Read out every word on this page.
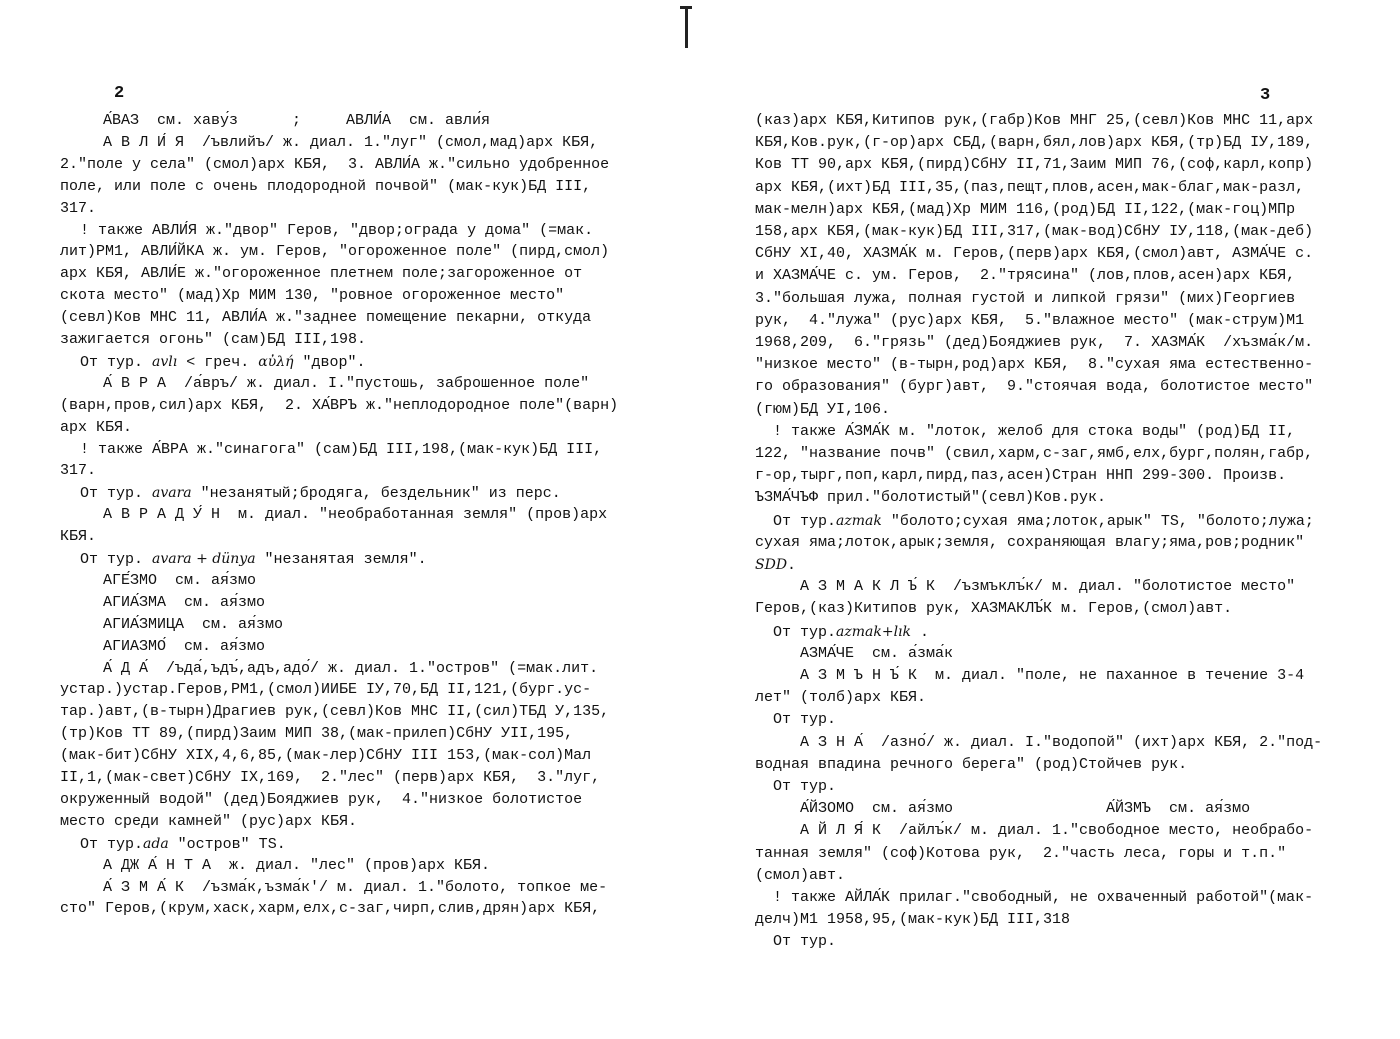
2
А́ВАЗ  см. хаву́з      ;     АВЛИ́А  см. авли́я
А В Л И́ Я  /ъвлийъ/ ж. диал. 1."луг" (смол,мад)арх КБЯ,
2."поле у села" (смол)арх КБЯ,  3. АВЛИ́А ж."сильно удобренное
поле, или поле с очень плодородной почвой" (мак-кук)БД III,
317.
! также АВЛИ́Я ж."двор" Геров, "двор;ограда у дома" (=мак.
лит)РМ1, АВЛИ́ЙКА ж. ум. Геров, "огороженное поле" (пирд,смол)
арх КБЯ, АВЛИ́Е ж."огороженное плетнем поле;загороженное от
скота место" (мад)Хр МИМ 130, "ровное огороженное место"
(севл)Ков МНС 11, АВЛИ́А ж."заднее помещение пекарни, откуда
зажигается огонь" (сам)БД III,198.
От тур. avlı < греч. αὐλή "двор".
А́ В Р А  /а́връ/ ж. диал. I."пустошь, заброшенное поле"
(варн,пров,сил)арх КБЯ,  2. ХА́ВРЪ ж."неплодородное поле"(варн)
арх КБЯ.
! также А́ВРА ж."синагога" (сам)БД III,198,(мак-кук)БД III,
317.
От тур. avara "незанятый;бродяга, бездельник" из перс.
А В Р А Д У́ Н  м. диал. "необработанная земля" (пров)арх
КБЯ.
От тур. avara + dünya "незанятая земля".
АГЕ́ЗМО  см. ая́змо
АГИА́ЗМА  см. ая́змо
АГИА́ЗМИЦА  см. ая́змо
АГИАЗМО́  см. ая́змо
А́ Д А́  /ъда́,ъдъ́,адъ,адо́/ ж. диал. 1."остров" (=мак.лит.
устар.)устар.Геров,РМ1,(смол)ИИБЕ IУ,70,БД II,121,(бург.ус-
тар.)авт,(в-тырн)Драгиев рук,(севл)Ков МНС II,(сил)ТБД У,135,
(тр)Ков ТТ 89,(пирд)Заим МИП 38,(мак-прилеп)СбНУ УII,195,
(мак-бит)СбНУ XIX,4,6,85,(мак-лер)СбНУ III 153,(мак-сол)Мал
II,1,(мак-свет)СбНУ IX,169,  2."лес" (перв)арх КБЯ,  3."луг,
окруженный водой" (дед)Бояджиев рук,  4."низкое болотистое
место среди камней" (рус)арх КБЯ.
От тур.ada "остров" TS.
А ДЖ А́ Н Т А  ж. диал. "лес" (пров)арх КБЯ.
А́ З М А́ К  /ъзма́к,ъзма́к'/ м. диал. 1."болото, топкое ме-
сто" Геров,(крум,хаск,харм,елх,с-заг,чирп,слив,дрян)арх КБЯ,
3
(каз)арх КБЯ,Китипов рук,(габр)Ков МНГ 25,(севл)Ков МНС 11,арх
КБЯ,Ков.рук,(г-ор)арх СБД,(варн,бял,лов)арх КБЯ,(тр)БД IУ,189,
Ков ТТ 90,арх КБЯ,(пирд)СбНУ II,71,Заим МИП 76,(соф,карл,копр)
арх КБЯ,(ихт)БД III,35,(паз,пещт,плов,асен,мак-благ,мак-разл,
мак-мелн)арх КБЯ,(мад)Хр МИМ 116,(род)БД II,122,(мак-гоц)МПр
158,арх КБЯ,(мак-кук)БД III,317,(мак-вод)СбНУ IУ,118,(мак-деб)
СбНУ XI,40, ХАЗМА́К м. Геров,(перв)арх КБЯ,(смол)авт, АЗМА́ЧЕ с.
и ХАЗМА́ЧЕ с. ум. Геров,  2."трясина" (лов,плов,асен)арх КБЯ,
3."большая лужа, полная густой и липкой грязи" (мих)Георгиев
рук,  4."лужа" (рус)арх КБЯ,  5."влажное место" (мак-струм)М1
1968,209,  6."грязь" (дед)Бояджиев рук,  7. ХАЗМА́К  /хъзма́к/м.
"низкое место" (в-тырн,род)арх КБЯ,  8."сухая яма естественно-
го образования" (бург)авт,  9."стоячая вода, болотистое место"
(гюм)БД УI,106.
! также А́ЗМА́К м. "лоток, желоб для стока воды" (род)БД II,
122, "название почв" (свил,харм,с-заг,ямб,елх,бург,полян,габр,
г-ор,тырг,поп,карл,пирд,паз,асен)Стран ННП 299-300. Произв.
ЪЗМА́ЧЪФ прил."болотистый"(севл)Ков.рук.
От тур.azmak "болото;сухая яма;лоток,арык" TS, "болото;лужа;
сухая яма;лоток,арык;земля, сохраняющая влагу;яма,ров;родник"
SDD.
А З М А К Л Ъ́ К  /ъзмъклъ́к/ м. диал. "болотистое место"
Геров,(каз)Китипов рук, ХАЗМАКЛЪ́К м. Геров,(смол)авт.
От тур.azmak+lık .
АЗМА́ЧЕ  см. а́зма́к
А З М Ъ Н Ъ́ К  м. диал. "поле, не паханное в течение 3-4
лет" (толб)арх КБЯ.
От тур.
А З Н А́  /азно́/ ж. диал. I."водопой" (ихт)арх КБЯ, 2."под-
водная впадина речного берега" (род)Стойчев рук.
От тур.
А́ЙЗОМО  см. ая́змо                 А́ЙЗМЪ  см. ая́змо
А Й Л Я́ К  /айлъ́к/ м. диал. 1."свободное место, необрабо-
танная земля" (соф)Котова рук,  2."часть леса, горы и т.п."
(смол)авт.
! также АЙЛА́К прилаг."свободный, не охваченный работой"(мак-
делч)М1 1958,95,(мак-кук)БД III,318
От тур.
